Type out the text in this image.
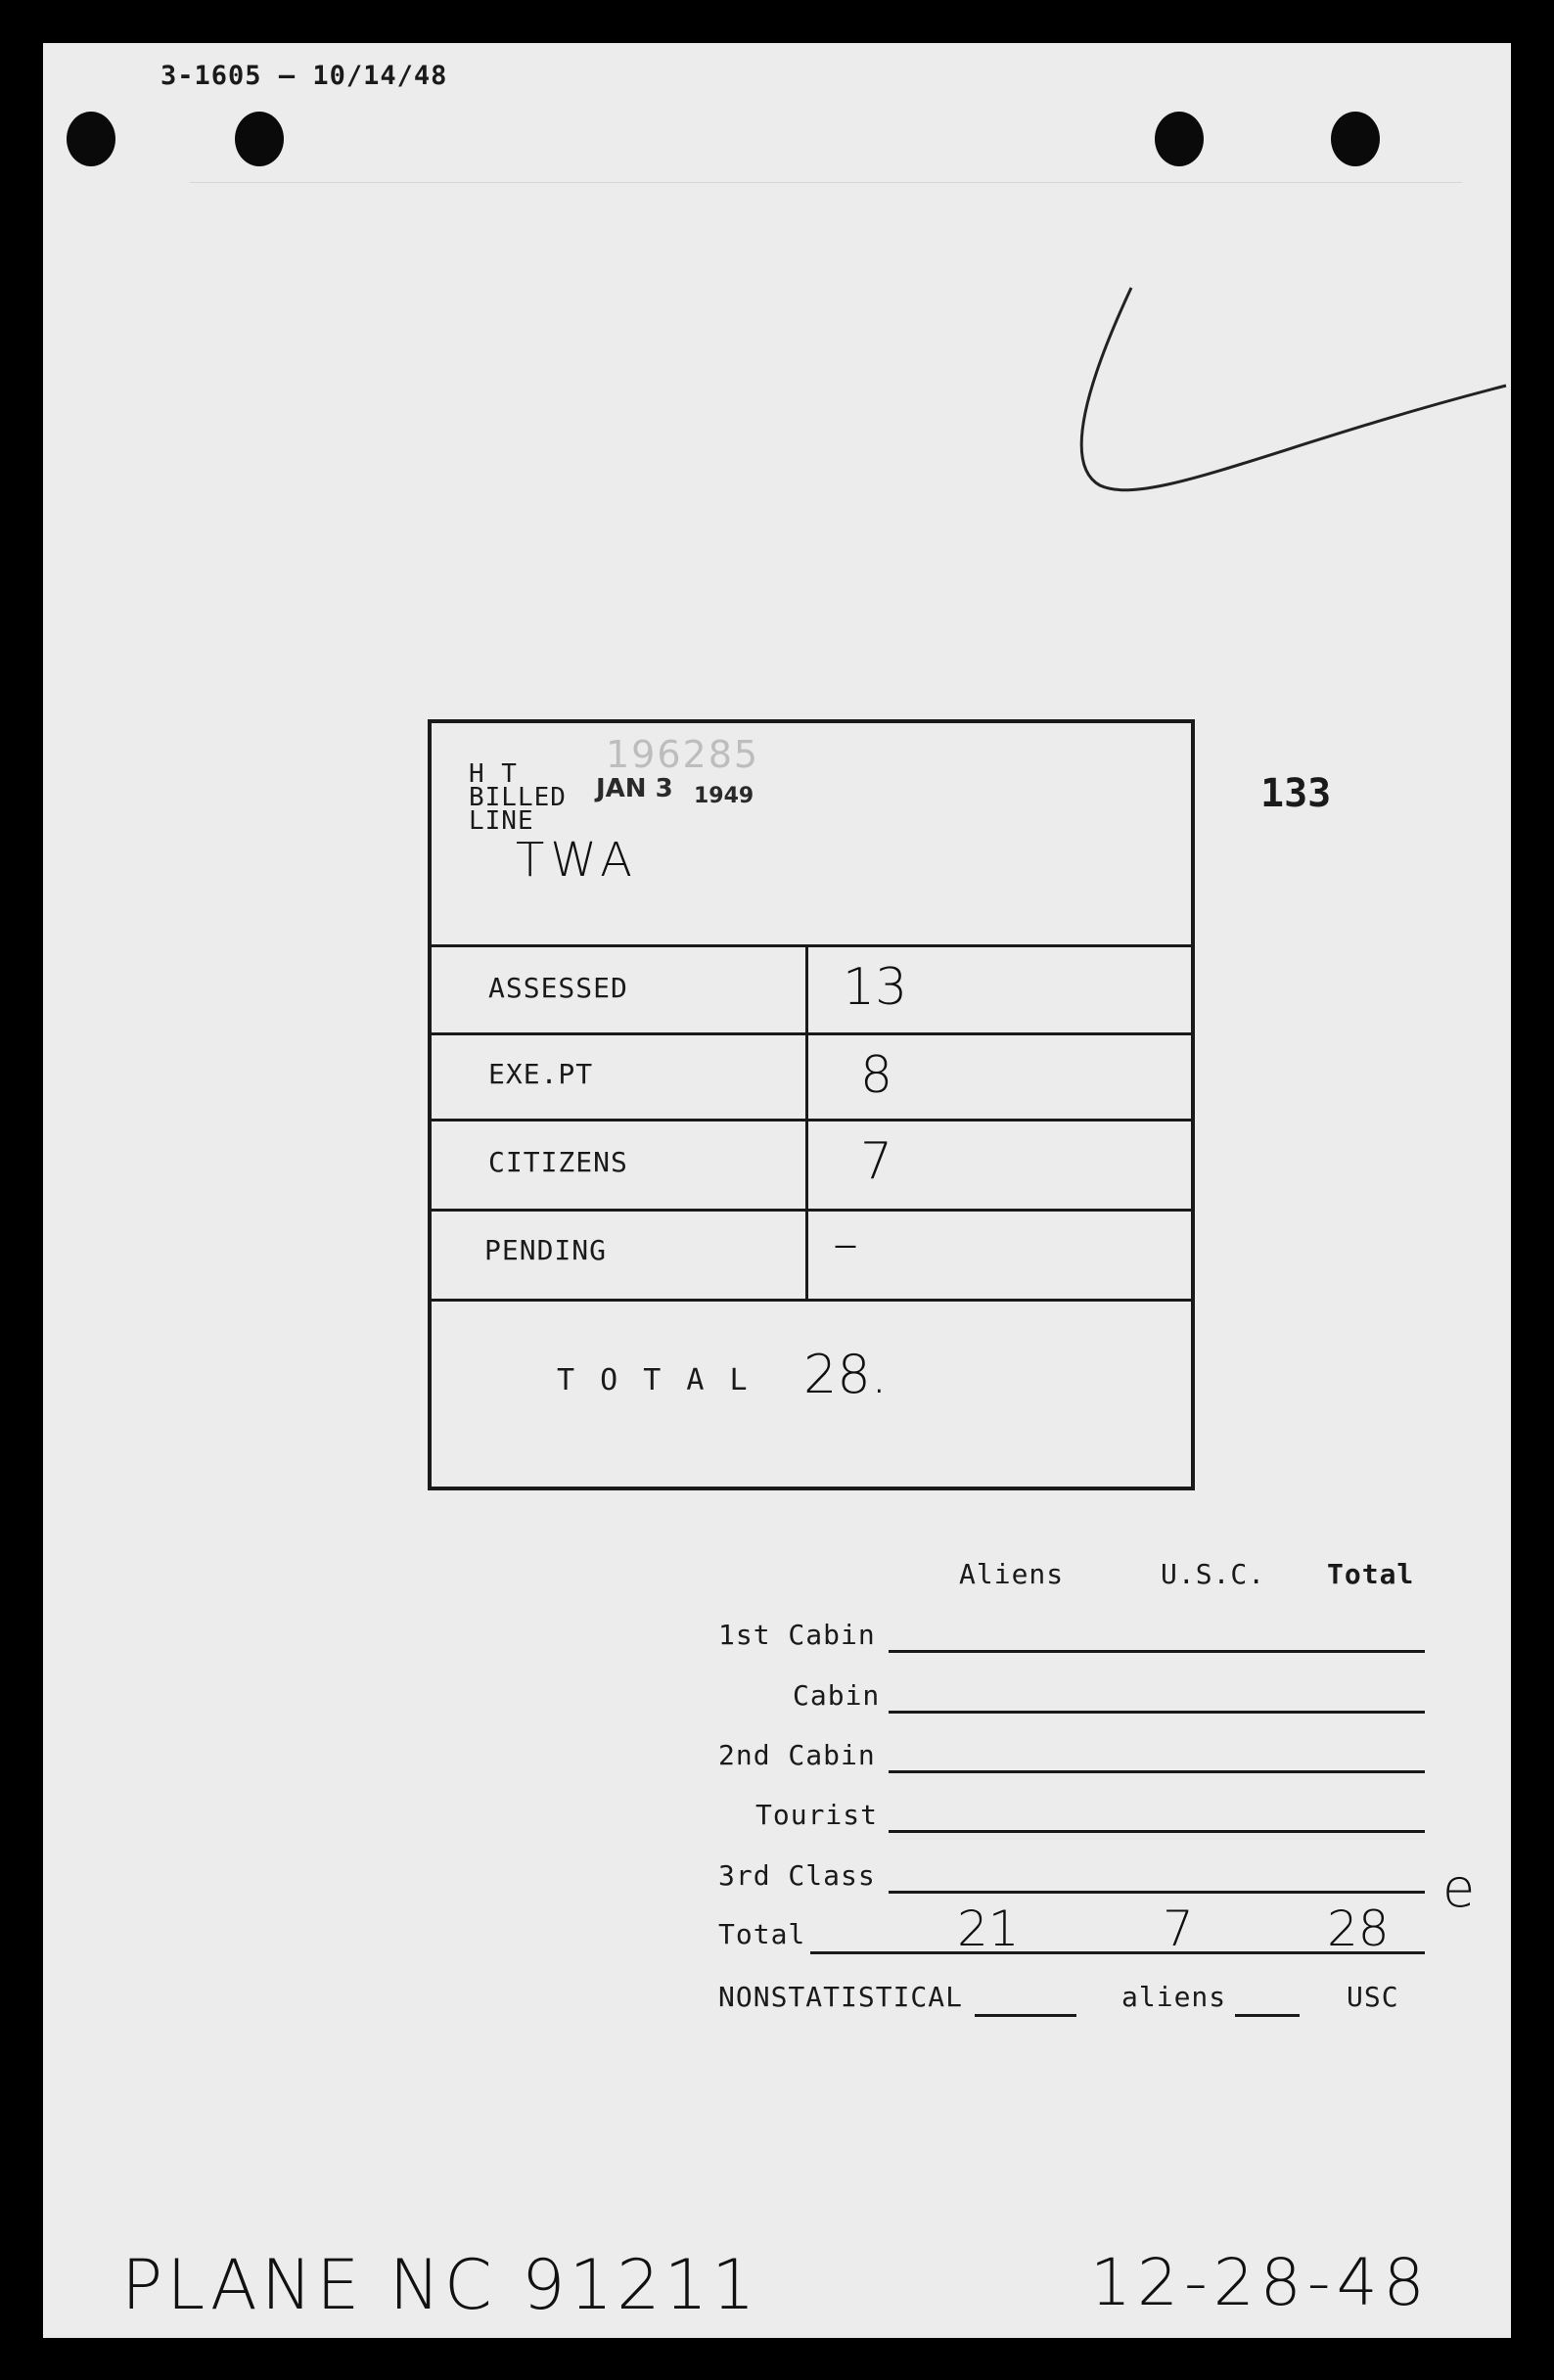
3-1605 – 10/14/48
H T
BILLED
LINE
196285
JAN 3 1949
TWA
ASSESSED	13
EXE.PT	8
CITIZENS	7
PENDING	–
T O T A L 28.
133
Aliens	U.S.C. Total
1st Cabin
Cabin
2nd Cabin
Tourist
3rd Class	e
Total	21	7	28
NONSTATISTICAL	aliens	USC
PLANE NC 91211	12-28-48
